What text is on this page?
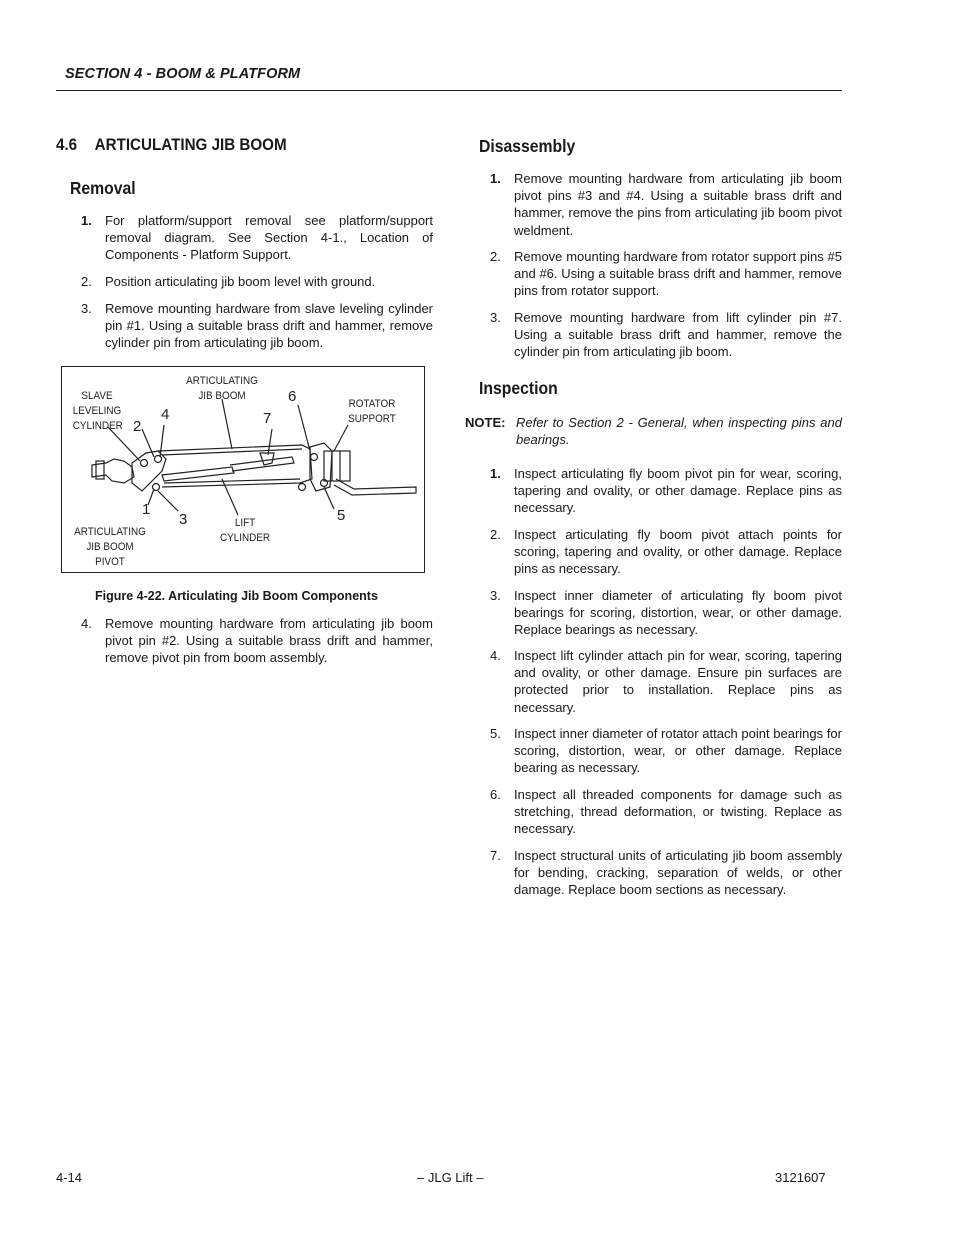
SECTION 4 - BOOM & PLATFORM
4.6 ARTICULATING JIB BOOM
Removal
1.	For platform/support removal see platform/support removal diagram. See Section 4-1., Location of Components - Platform Support.
2.	Position articulating jib boom level with ground.
3.	Remove mounting hardware from slave leveling cylinder pin #1. Using a suitable brass drift and hammer, remove cylinder pin from articulating jib boom.
SLAVE
LEVELING
CYLINDER
ARTICULATING
JIB BOOM
ROTATOR
SUPPORT
ARTICULATING
JIB BOOM
PIVOT
LIFT
CYLINDER
1
2
3
4
5
6
7
Figure 4-22. Articulating Jib Boom Components
4.	Remove mounting hardware from articulating jib boom pivot pin #2. Using a suitable brass drift and hammer, remove pivot pin from boom assembly.
Disassembly
1.	Remove mounting hardware from articulating jib boom pivot pins #3 and #4. Using a suitable brass drift and hammer, remove the pins from articulating jib boom pivot weldment.
2.	Remove mounting hardware from rotator support pins #5 and #6. Using a suitable brass drift and hammer, remove pins from rotator support.
3.	Remove mounting hardware from lift cylinder pin #7. Using a suitable brass drift and hammer, remove the cylinder pin from articulating jib boom.
Inspection
NOTE: Refer to Section 2 - General, when inspecting pins and bearings.
1.	Inspect articulating fly boom pivot pin for wear, scoring, tapering and ovality, or other damage. Replace pins as necessary.
2.	Inspect articulating fly boom pivot attach points for scoring, tapering and ovality, or other damage. Replace pins as necessary.
3.	Inspect inner diameter of articulating fly boom pivot bearings for scoring, distortion, wear, or other damage. Replace bearings as necessary.
4.	Inspect lift cylinder attach pin for wear, scoring, tapering and ovality, or other damage. Ensure pin surfaces are protected prior to installation. Replace pins as necessary.
5.	Inspect inner diameter of rotator attach point bearings for scoring, distortion, wear, or other damage. Replace bearing as necessary.
6.	Inspect all threaded components for damage such as stretching, thread deformation, or twisting. Replace as necessary.
7.	Inspect structural units of articulating jib boom assembly for bending, cracking, separation of welds, or other damage. Replace boom sections as necessary.
4-14	– JLG Lift –	3121607
